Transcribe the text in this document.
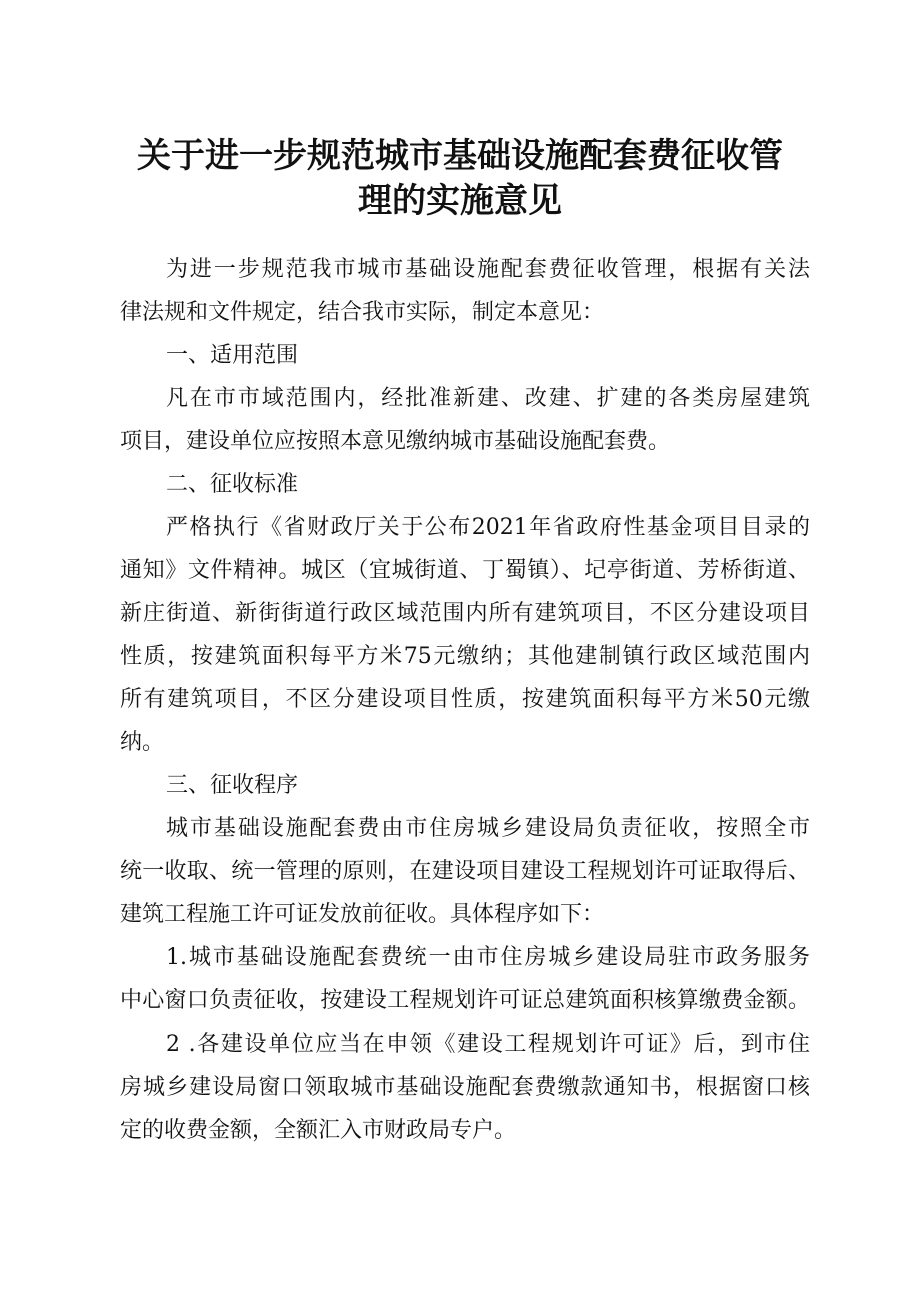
关于进一步规范城市基础设施配套费征收管
理的实施意见

为进一步规范我市城市基础设施配套费征收管理，根据有关法

律法规和文件规定，结合我市实际，制定本意见：

一、适用范围

凡在市市域范围内，经批准新建、改建、扩建的各类房屋建筑

项目，建设单位应按照本意见缴纳城市基础设施配套费。

二、征收标准

严格执行《省财政厅关于公布2021年省政府性基金项目目录的

通知》文件精神。城区（宜城街道、丁蜀镇）、圮亭街道、芳桥街道、

新庄街道、新街街道行政区域范围内所有建筑项目，不区分建设项目

性质，按建筑面积每平方米75元缴纳；其他建制镇行政区域范围内

所有建筑项目，不区分建设项目性质，按建筑面积每平方米50元缴

纳。

三、征收程序

城市基础设施配套费由市住房城乡建设局负责征收，按照全市

统一收取、统一管理的原则，在建设项目建设工程规划许可证取得后、

建筑工程施工许可证发放前征收。具体程序如下：

1.城市基础设施配套费统一由市住房城乡建设局驻市政务服务

中心窗口负责征收，按建设工程规划许可证总建筑面积核算缴费金额。

2 .各建设单位应当在申领《建设工程规划许可证》后，到市住

房城乡建设局窗口领取城市基础设施配套费缴款通知书，根据窗口核

定的收费金额，全额汇入市财政局专户。
